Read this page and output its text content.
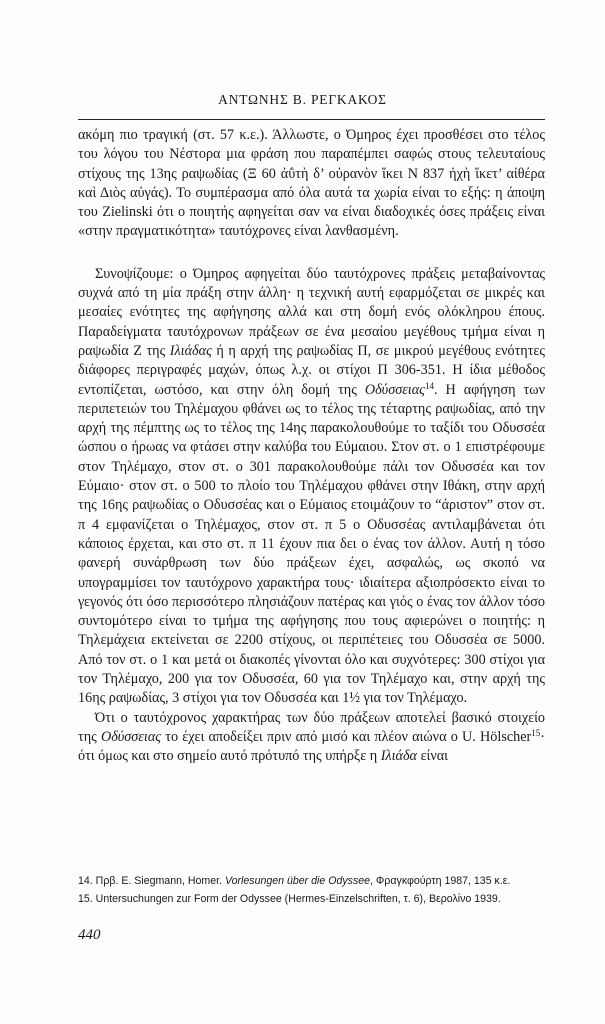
ΑΝΤΩΝΗΣ Β. ΡΕΓΚΑΚΟΣ

ακόμη πιο τραγική (στ. 57 κ.ε.). Άλλωστε, ο Όμηρος έχει προσθέσει στο τέλος του λόγου του Νέστορα μια φράση που παραπέμπει σαφώς στους τελευταίους στίχους της 13ης ραψωδίας (Ξ 60 ἀΰτὴ δ’ οὐρανὸν ἵκει Ν 837 ἠχὴ ἵκετ’ αἰθέρα καὶ Διὸς αὐγάς). Το συμπέρασμα από όλα αυτά τα χωρία είναι το εξής: η άποψη του Zielinski ότι ο ποιητής αφηγείται σαν να είναι διαδοχικές όσες πράξεις είναι «στην πραγματικότητα» ταυτόχρονες είναι λανθασμένη.

Συνοψίζουμε: ο Όμηρος αφηγείται δύο ταυτόχρονες πράξεις μεταβαίνοντας συχνά από τη μία πράξη στην άλλη· η τεχνική αυτή εφαρμόζεται σε μικρές και μεσαίες ενότητες της αφήγησης αλλά και στη δομή ενός ολόκληρου έπους. Παραδείγματα ταυτόχρονων πράξεων σε ένα μεσαίου μεγέθους τμήμα είναι η ραψωδία Ζ της Ιλιάδας ή η αρχή της ραψωδίας Π, σε μικρού μεγέθους ενότητες διάφορες περιγραφές μαχών, όπως λ.χ. οι στίχοι Π 306-351. Η ίδια μέθοδος εντοπίζεται, ωστόσο, και στην όλη δομή της Οδύσσειας$^{14}$. Η αφήγηση των περιπετειών του Τηλέμαχου φθάνει ως το τέλος της τέταρτης ραψωδίας, από την αρχή της πέμπτης ως το τέλος της 14ης παρακολουθούμε το ταξίδι του Οδυσσέα ώσπου ο ήρωας να φτάσει στην καλύβα του Εύμαιου. Στον στ. ο 1 επιστρέφουμε στον Τηλέμαχο, στον στ. ο 301 παρακολουθούμε πάλι τον Οδυσσέα και τον Εύμαιο· στον στ. ο 500 το πλοίο του Τηλέμαχου φθάνει στην Ιθάκη, στην αρχή της 16ης ραψωδίας ο Οδυσσέας και ο Εύμαιος ετοιμάζουν το “άριστον” στον στ. π 4 εμφανίζεται ο Τηλέμαχος, στον στ. π 5 ο Οδυσσέας αντιλαμβάνεται ότι κάποιος έρχεται, και στο στ. π 11 έχουν πια δει ο ένας τον άλλον. Αυτή η τόσο φανερή συνάρθρωση των δύο πράξεων έχει, ασφαλώς, ως σκοπό να υπογραμμίσει τον ταυτόχρονο χαρακτήρα τους· ιδιαίτερα αξιοπρόσεκτο είναι το γεγονός ότι όσο περισσότερο πλησιάζουν πατέρας και γιός ο ένας τον άλλον τόσο συντομότερο είναι το τμήμα της αφήγησης που τους αφιερώνει ο ποιητής: η Τηλεμάχεια εκτείνεται σε 2200 στίχους, οι περιπέτειες του Οδυσσέα σε 5000. Από τον στ. ο 1 και μετά οι διακοπές γίνονται όλο και συχνότερες: 300 στίχοι για τον Τηλέμαχο, 200 για τον Οδυσσέα, 60 για τον Τηλέμαχο και, στην αρχή της 16ης ραψωδίας, 3 στίχοι για τον Οδυσσέα και 1½ για τον Τηλέμαχο.

Ότι ο ταυτόχρονος χαρακτήρας των δύο πράξεων αποτελεί βασικό στοιχείο της Οδύσσειας το έχει αποδείξει πριν από μισό και πλέον αιώνα ο U. Hölscher$^{15}$· ότι όμως και στο σημείο αυτό πρότυπό της υπήρξε η Ιλιάδα είναι

14. Πρβ. E. Siegmann, Homer. Vorlesungen über die Odyssee, Φραγκφούρτη 1987, 135 κ.ε.
15. Untersuchungen zur Form der Odyssee (Hermes-Einzelschriften, τ. 6), Βερολίνο 1939.
440
